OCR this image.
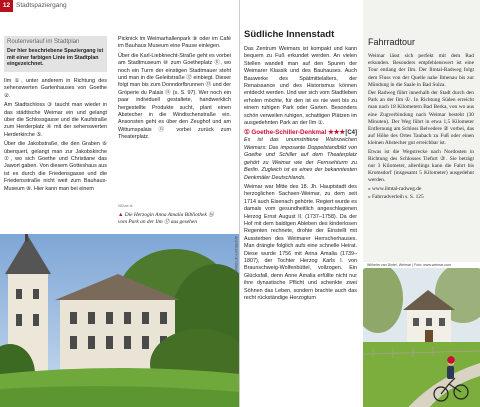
12 Stadtspaziergang
Routenverlauf im Stadtplan
Der hier beschriebene Spaziergang ist mit einer farbigen Linie im Stadtplan eingezeichnet.

Ilm ①, unter anderem in Richtung des sehenswerten Gartenhauses von Goethe ②.

Am Stadtschloss ③ taucht man wieder in das städtische Weimar ein und gelangt über die Schlossgasse und die Kaufstraße zum Herderplatz ④ mit der sehenswerten Herderkirche ⑤.

Über die Jakobstraße, die den Graben ⑥ überquert, gelangt man zur Jakobskirche ⑦, wo sich Goethe und Christiane das Jawort gaben. Von diesem Gotteshaus aus ist es durch die Friedensgasse und die Friedensstraße nicht weit zum Bauhaus-Museum ⑧. Hier kann man bei einem

Picknick im Weimarhallenpark ⑨ oder im Café im Bauhaus Museum eine Pause einlegen.

Über die Karl-Liebknecht-Straße geht es vorbei am Stadtmuseum ⑩ zum Goetheplatz ⑪, wo noch ein Turm der einstigen Stadtmauer steht und man in die Geleitstraße ⑫ einbiegt. Dieser folgt man bis zum Donndorfbrunnen ⑬ und der Gröperie du Palais ⑭ (s. S. 97). Wer noch ein paar individuell gestaltete, handwerklich hergestellte Produkte sucht, plant einen Abstecher in die Windischenstraße ein. Ansonsten geht es über den Zeughof und am Wittumspalais ⑮ vorbei zurück zum Theaterplatz.

▲ Die Herzogin Anna Amalia Bibliothek ⑯ vom Park an der Ilm ⑰ aus gesehen
082we-fs
ANDREAS KIETZMANN
Südliche Innenstadt

Das Zentrum Weimars ist kompakt und kann bequem zu Fuß erkundet werden. An vielen Stellen wandelt man auf den Spuren der Weimarer Klassik und des Bauhauses. Auch Bauwerke des Spätmittelalters, der Renaissance und des Historismus können entdeckt werden. Und wer sich vom Stadtleben erholen möchte, für den ist es nie weit bis zu einem ruhigen Park oder Garten. Besonders schön verweilen ruhigen, schattigen Plätzen im ausgedehnten Park an der Ilm ①.

① Goethe-Schiller-Denkmal ★★★ [C4]

Es ist das unumstrittene Wahrzeichen Weimars: Das imposante Doppelstandbild von Goethe und Schiller auf dem Theaterplatz gehört zu Weimar wie der Fernsehturm zu Berlin. Zugleich ist es eines der bekanntesten Denkmäler Deutschlands.

Weimar war Mitte des 18. Jh. Hauptstadt des herzoglichen Sachsen-Weimar, zu dem seit 1714 auch Eisenach gehörte. Regiert wurde es damals vom gesundheitlich angeschlagenen Herzog Ernst August II. (1737–1758). Da der Hof mit dem baldigen Ableben des kinderlosen Regenten rechnete, drohte der Einstellt mit Aussterben des Weimarer Herrscherhauses. Man drängte folglich aufs eine schnelle Heirat. Diese wurde 1756 mit Anna Amalia (1739–1807), der Tochter Herzog Karls I. von Braunschweig-Wolfenbüttel, vollzogen. Ein Glücksfall, denn Anne Amalia erfüllte nicht nur ihre dynastische Pflicht und schenkte zwei Söhnen das Leben, sondern brachte auch das recht rückständige Herzogtum

Fahrradtour

Weimar lässt sich perfekt mit dem Rad erkunden. Besonders empfehlenswert ist eine Tour entlang der Ilm. Der Ilmtal-Radweg folgt dem Fluss von der Quelle nahe Ilmenau bis zur Mündung in die Saale in Bad Sulza.

Der Radweg führt innerhalb der Stadt durch den Park an der Ilm ①. In Richtung Süden erreicht man nach 18 Kilometern Bad Berka, von wo aus eine Zugverbindung nach Weimar besteht (30 Minuten). Der Weg führt in etwa 1,5 Kilometer Entfernung am Schloss Belvedere ② vorbei, das auf Höhe des Ortes Taubach zu Fuß oder einen kleinen Abstecher gut erreichbar ist.

Etwas ist die Wegstrecke nach Nordosten in Richtung des Schlosses Tiefurt ③. Sie beträgt nur 3 Kilometer, allerdings kann die Fahrt bis Kromsdorf (insgesamt 5 Kilometer) ausgedehnt werden.

» www.ilmtal-radweg.de

» Fahrradverleih s. S. 125

Wilhelm van Dintel, Weimar | Foto: www.weimar.com
